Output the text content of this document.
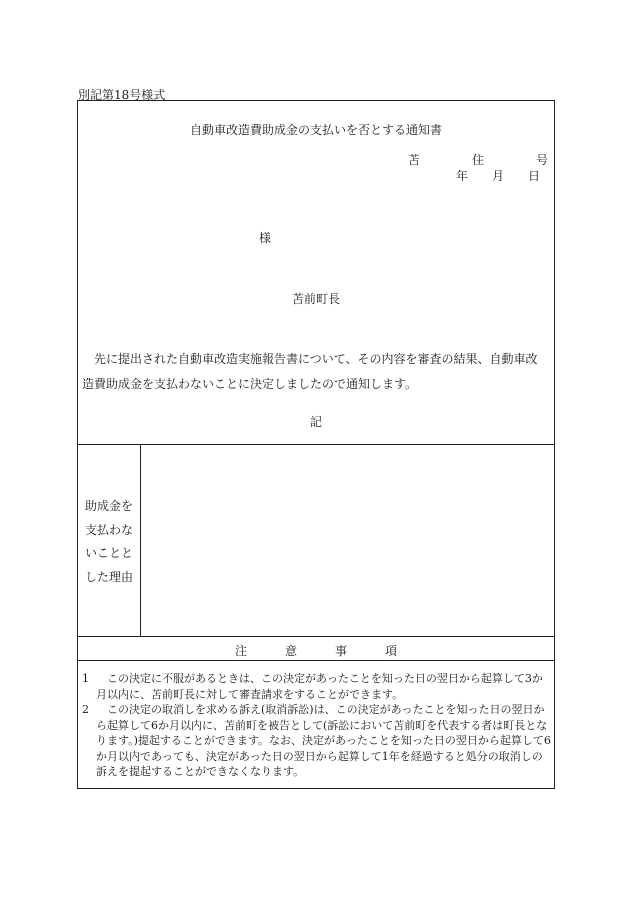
別記第18号様式
自動車改造費助成金の支払いを否とする通知書
苫	住	号
年 月 日
様
苫前町長
先に提出された自動車改造実施報告書について、その内容を審査の結果、自動車改造費助成金を支払わないことに決定しましたので通知します。
記
助成金を
支払わな
いことと
した理由
注	意	事	項
1	この決定に不服があるときは、この決定があったことを知った日の翌日から起算して3か月以内に、苫前町長に対して審査請求をすることができます。
2	この決定の取消しを求める訴え(取消訴訟)は、この決定があったことを知った日の翌日から起算して6か月以内に、苫前町を被告として(訴訟において苫前町を代表する者は町長となります。)提起することができます。なお、決定があったことを知った日の翌日から起算して6か月以内であっても、決定があった日の翌日から起算して1年を経過すると処分の取消しの訴えを提起することができなくなります。
